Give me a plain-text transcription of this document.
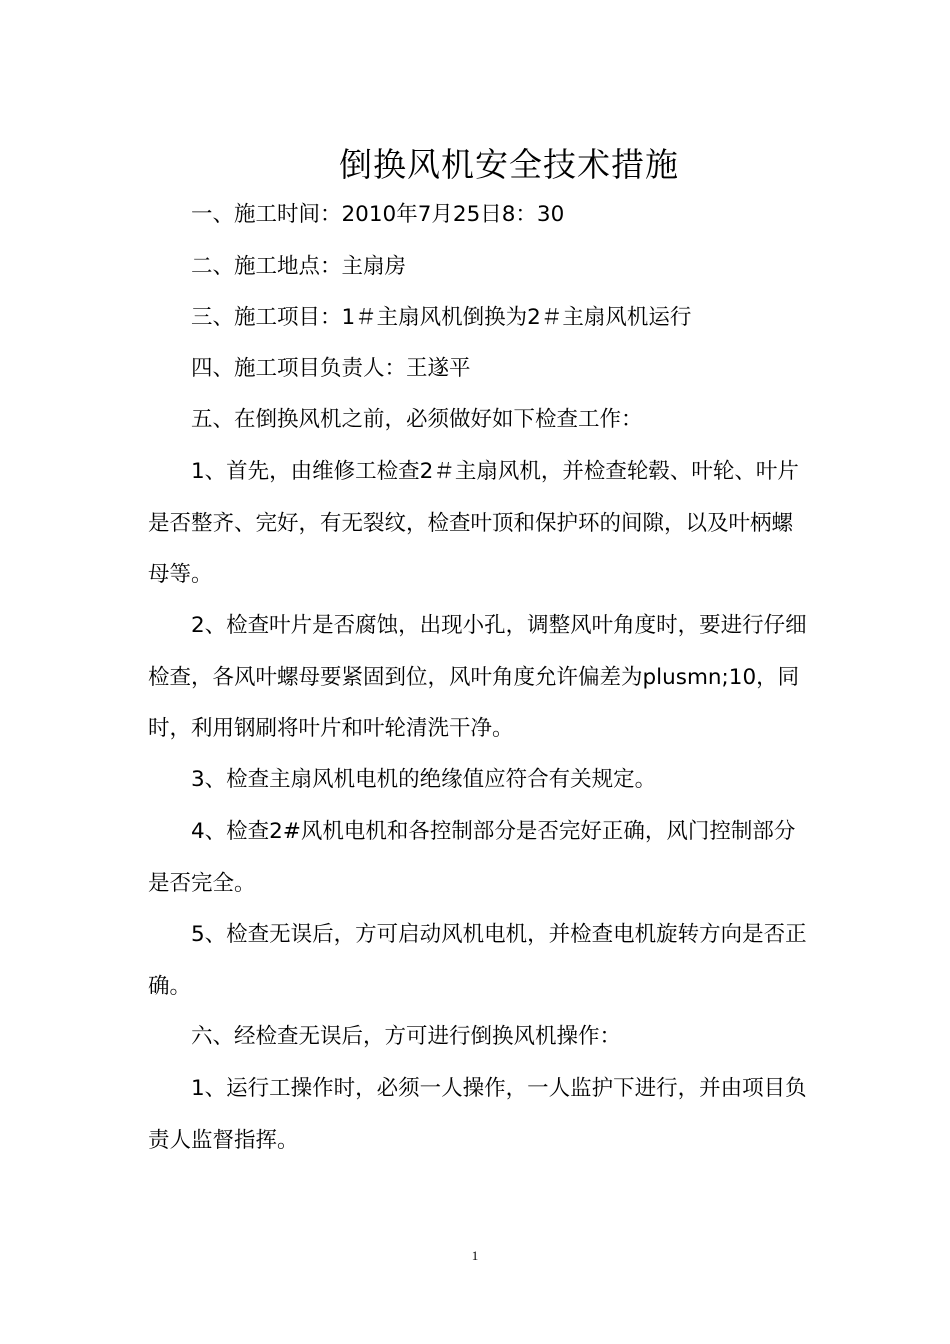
倒换风机安全技术措施

一、施工时间：2010年7月25日8：30

二、施工地点：主扇房

三、施工项目：1＃主扇风机倒换为2＃主扇风机运行

四、施工项目负责人：王遂平

五、在倒换风机之前，必须做好如下检查工作：

1、首先，由维修工检查2＃主扇风机，并检查轮毂、叶轮、叶片是否整齐、完好，有无裂纹，检查叶顶和保护环的间隙，以及叶柄螺母等。

2、检查叶片是否腐蚀，出现小孔，调整风叶角度时，要进行仔细检查，各风叶螺母要紧固到位，风叶角度允许偏差为plusmn;10，同时，利用钢刷将叶片和叶轮清洗干净。

3、检查主扇风机电机的绝缘值应符合有关规定。

4、检查2#风机电机和各控制部分是否完好正确，风门控制部分是否完全。

5、检查无误后，方可启动风机电机，并检查电机旋转方向是否正确。

六、经检查无误后，方可进行倒换风机操作：

1、运行工操作时，必须一人操作，一人监护下进行，并由项目负责人监督指挥。

1
